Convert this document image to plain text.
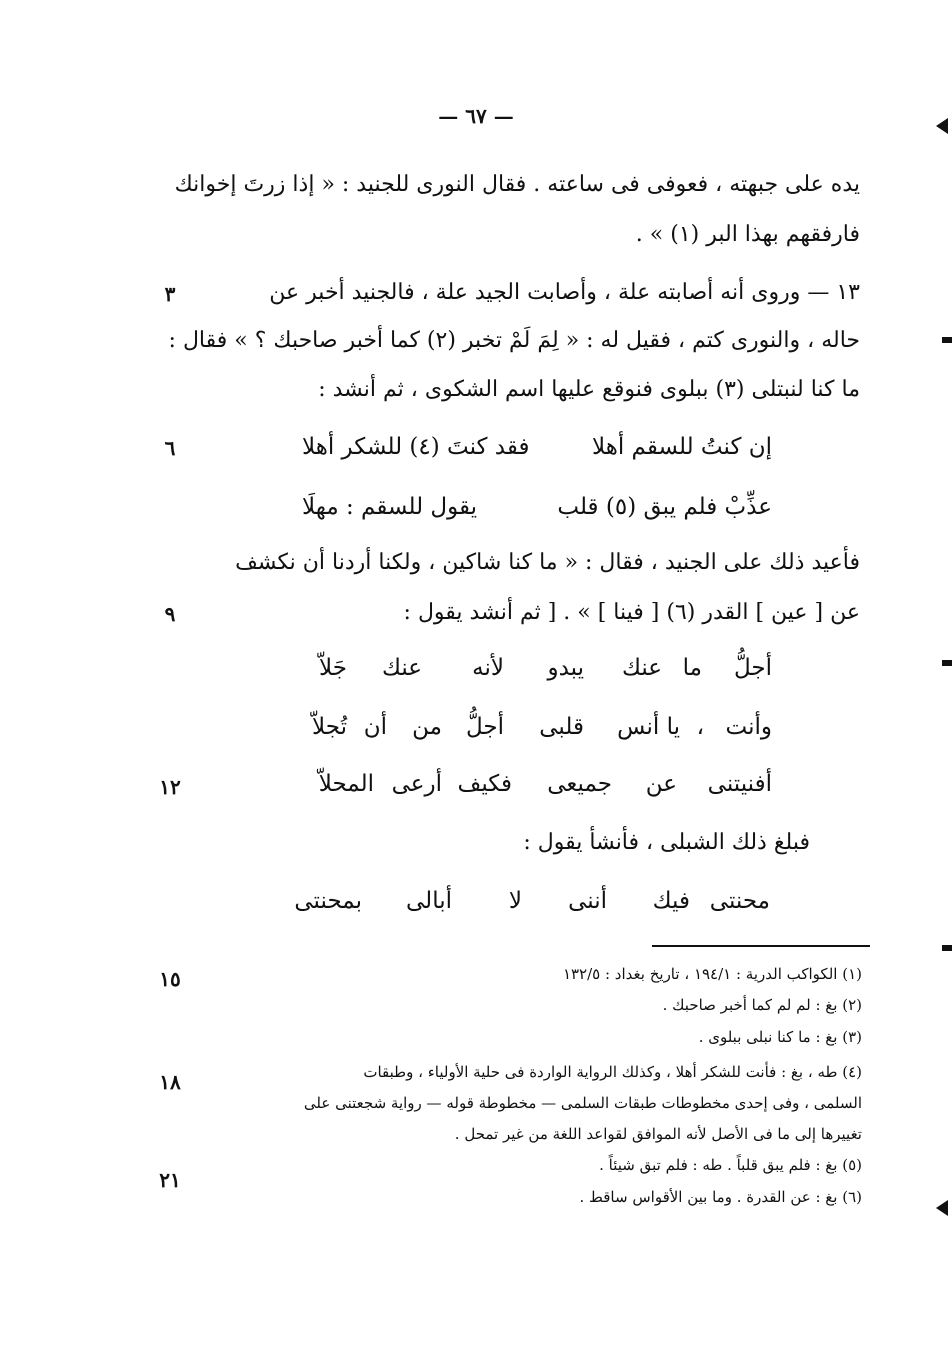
— ٦٧ —
يده على جبهته ، فعوفى فى ساعته . فقال النورى للجنيد : « إذا زرتَ إخوانك
فارفقهم بهذا البر (١) » .
١٣ — وروى أنه أصابته علة ، وأصابت الجيد علة ، فالجنيد أخبر عن
حاله ، والنورى كتم ، فقيل له : « لِمَ لَمْ تخبر (٢) كما أخبر صاحبك ؟ » فقال :
ما كنا لنبتلى (٣) ببلوى فنوقع عليها اسم الشكوى ، ثم أنشد :
إن كنتُ للسقم أهلا
فقد كنتَ (٤) للشكر أهلا
عذِّبْ فلم يبق (٥) قلب
يقول للسقم : مهلَا
فأعيد ذلك على الجنيد ، فقال : « ما كنا شاكين ، ولكنا أردنا أن نكشف
عن [ عين ] القدر (٦) [ فينا ] » . [ ثم أنشد يقول :
أجلُّ
ما
عنك
يبدو
لأنه
عنك
جَلاّ
وأنت
،
يا أنس
قلبى
أجلُّ
من
أن
تُجلاّ
أفنيتنى
عن
جميعى
فكيف
أرعى
المحلاّ
فبلغ ذلك الشبلى ، فأنشأ يقول :
محنتى
فيك
أننى
لا
أبالى
بمحنتى
٣
٦
٩
١٢
١٥
١٨
٢١
(١) الكواكب الدرية : ١٩٤/١ ، تاريخ بغداد : ١٣٢/٥
(٢) بغ : لم لم كما أخبر صاحبك .
(٣) بغ : ما كنا نبلى ببلوى .
(٤) طه ، بغ : فأنت للشكر أهلا ، وكذلك الرواية الواردة فى حلية الأولياء ، وطبقات
السلمى ، وفى إحدى مخطوطات طبقات السلمى — مخطوطة قوله — رواية شجعتنى على
تغييرها إلى ما فى الأصل لأنه الموافق لقواعد اللغة من غير تمحل .
(٥) بغ : فلم يبق قلباً . طه : فلم تبق شيئاً .
(٦) بغ : عن القدرة . وما بين الأقواس ساقط .
